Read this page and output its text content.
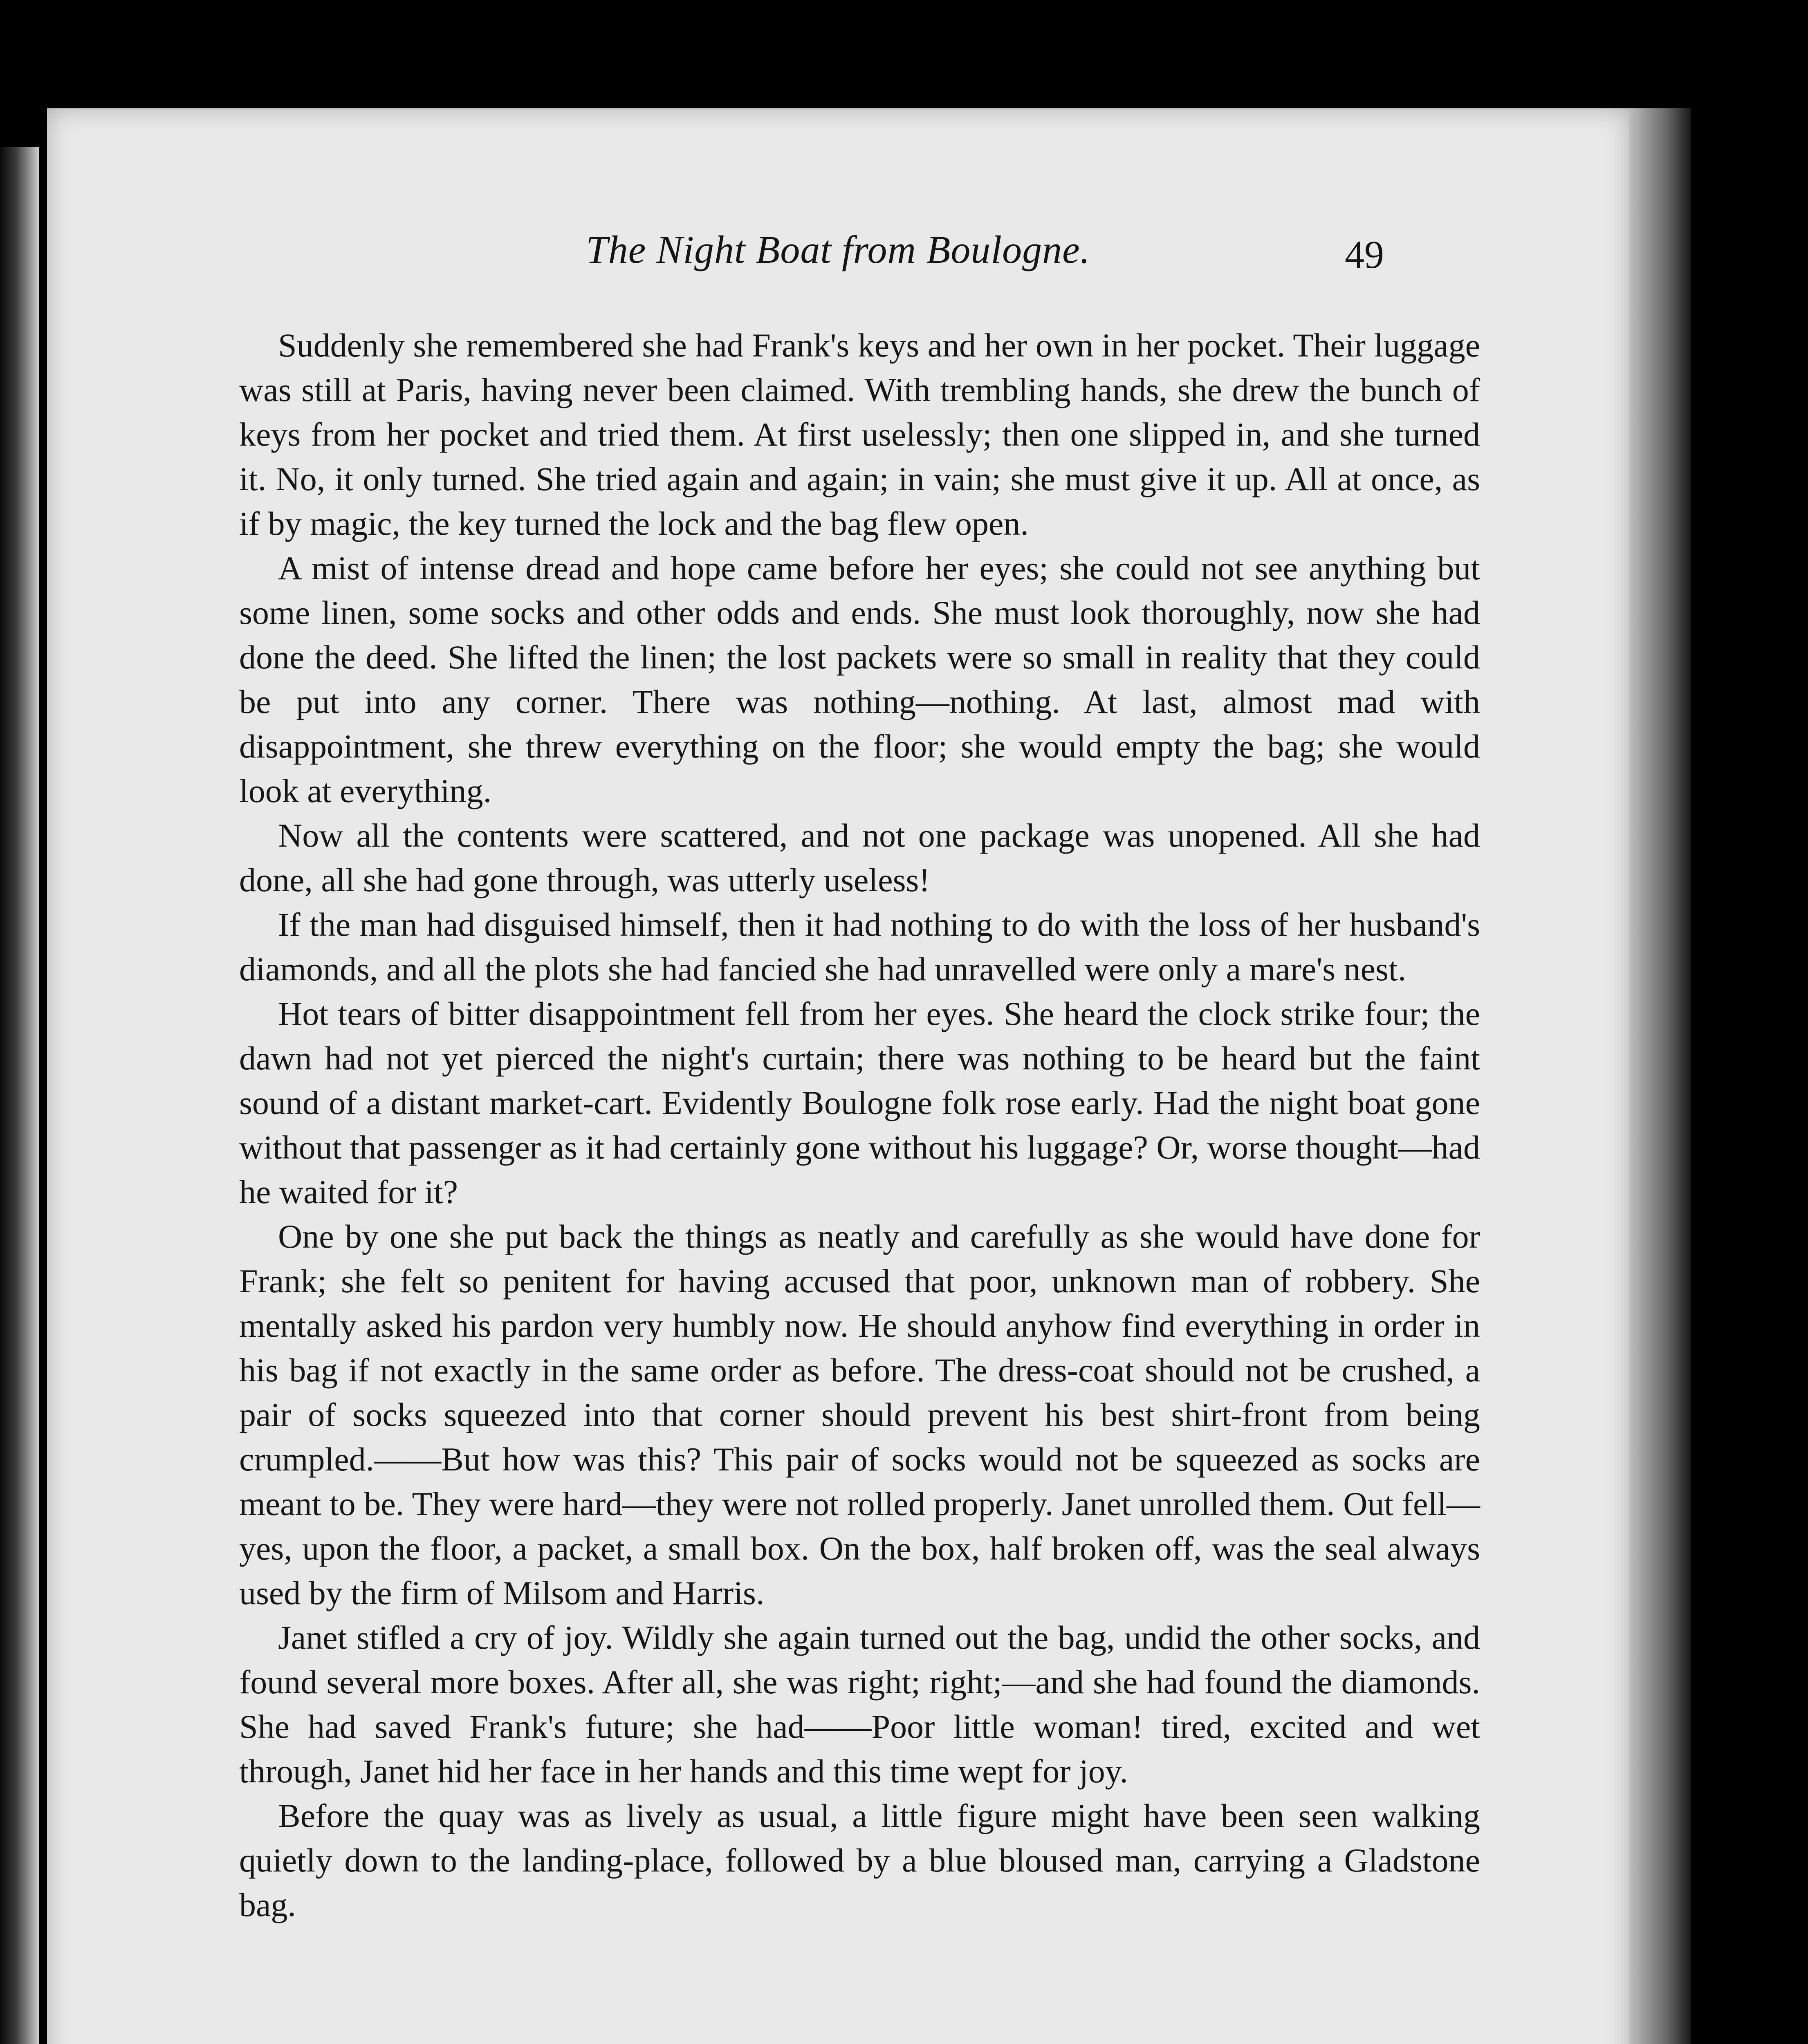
The Night Boat from Boulogne.	49

Suddenly she remembered she had Frank's keys and her own in her pocket. Their luggage was still at Paris, having never been claimed. With trembling hands, she drew the bunch of keys from her pocket and tried them. At first uselessly; then one slipped in, and she turned it. No, it only turned. She tried again and again; in vain; she must give it up. All at once, as if by magic, the key turned the lock and the bag flew open.

A mist of intense dread and hope came before her eyes; she could not see anything but some linen, some socks and other odds and ends. She must look thoroughly, now she had done the deed. She lifted the linen; the lost packets were so small in reality that they could be put into any corner. There was nothing—nothing. At last, almost mad with disappointment, she threw everything on the floor; she would empty the bag; she would look at everything.

Now all the contents were scattered, and not one package was unopened. All she had done, all she had gone through, was utterly useless!

If the man had disguised himself, then it had nothing to do with the loss of her husband's diamonds, and all the plots she had fancied she had unravelled were only a mare's nest.

Hot tears of bitter disappointment fell from her eyes. She heard the clock strike four; the dawn had not yet pierced the night's curtain; there was nothing to be heard but the faint sound of a distant market-cart. Evidently Boulogne folk rose early. Had the night boat gone without that passenger as it had certainly gone without his luggage? Or, worse thought—had he waited for it?

One by one she put back the things as neatly and carefully as she would have done for Frank; she felt so penitent for having accused that poor, unknown man of robbery. She mentally asked his pardon very humbly now. He should anyhow find everything in order in his bag if not exactly in the same order as before. The dress-coat should not be crushed, a pair of socks squeezed into that corner should prevent his best shirt-front from being crumpled.——But how was this? This pair of socks would not be squeezed as socks are meant to be. They were hard—they were not rolled properly. Janet unrolled them. Out fell—yes, upon the floor, a packet, a small box. On the box, half broken off, was the seal always used by the firm of Milsom and Harris.

Janet stifled a cry of joy. Wildly she again turned out the bag, undid the other socks, and found several more boxes. After all, she was right; right;—and she had found the diamonds. She had saved Frank's future; she had——Poor little woman! tired, excited and wet through, Janet hid her face in her hands and this time wept for joy.

Before the quay was as lively as usual, a little figure might have been seen walking quietly down to the landing-place, followed by a blue bloused man, carrying a Gladstone bag.
